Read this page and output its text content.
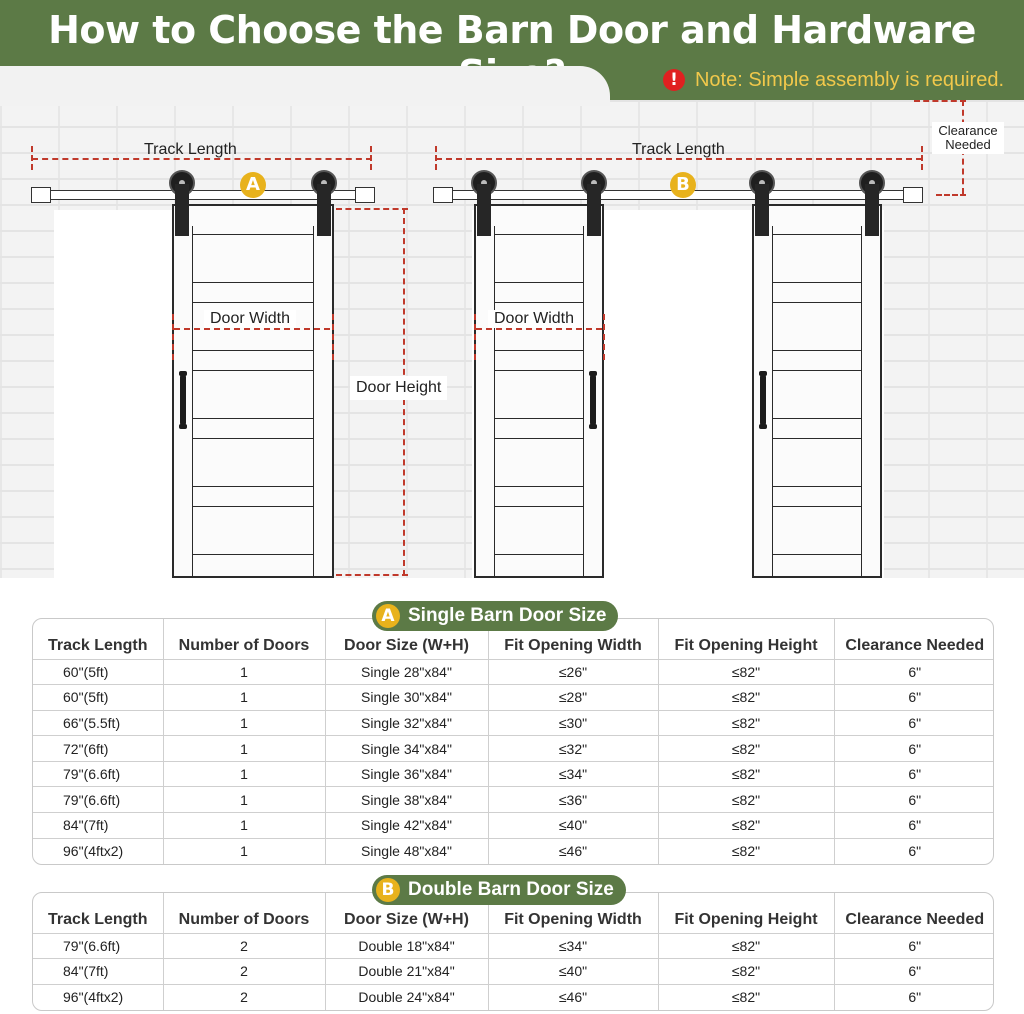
How to Choose the Barn Door and Hardware
! Note: Simple assembly is required.
Track Length	Track Length
A	B
Door Width	Door Width
Door Height
Clearance Needed
A Single Barn Door Size
Track Length	Number of Doors	Door Size (W+H)	Fit Opening Width	Fit Opening Height	Clearance Needed
60"(5ft)	1	Single 28"x84"	≤26"	≤82"	6"
60"(5ft)	1	Single 30"x84"	≤28"	≤82"	6"
66"(5.5ft)	1	Single 32"x84"	≤30"	≤82"	6"
72"(6ft)	1	Single 34"x84"	≤32"	≤82"	6"
79"(6.6ft)	1	Single 36"x84"	≤34"	≤82"	6"
79"(6.6ft)	1	Single 38"x84"	≤36"	≤82"	6"
84"(7ft)	1	Single 42"x84"	≤40"	≤82"	6"
96"(4ftx2)	1	Single 48"x84"	≤46"	≤82"	6"
B Double Barn Door Size
Track Length	Number of Doors	Door Size (W+H)	Fit Opening Width	Fit Opening Height	Clearance Needed
79"(6.6ft)	2	Double 18"x84"	≤34"	≤82"	6"
84"(7ft)	2	Double 21"x84"	≤40"	≤82"	6"
96"(4ftx2)	2	Double 24"x84"	≤46"	≤82"	6"
